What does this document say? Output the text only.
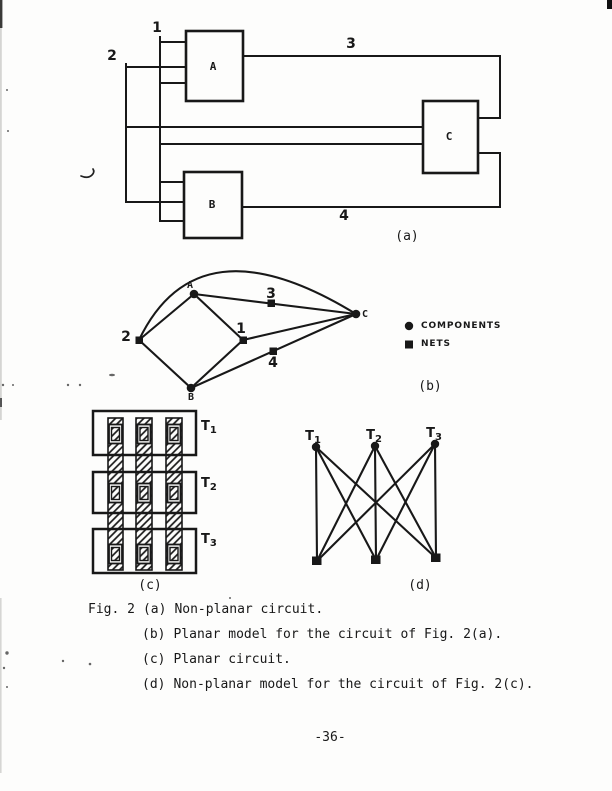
1
2
3
4
A
B
C
(a)
A
B
C
1
2
3
4
COMPONENTS
NETS
(b)
$T_1$
$T_2$
$T_3$
(c)
$T_1$	$T_2$	$T_3$
(d)
Fig. 2 (a) Non-planar circuit.
(b) Planar model for the circuit of Fig. 2(a).
(c) Planar circuit.
(d) Non-planar model for the circuit of Fig. 2(c).
-36-
